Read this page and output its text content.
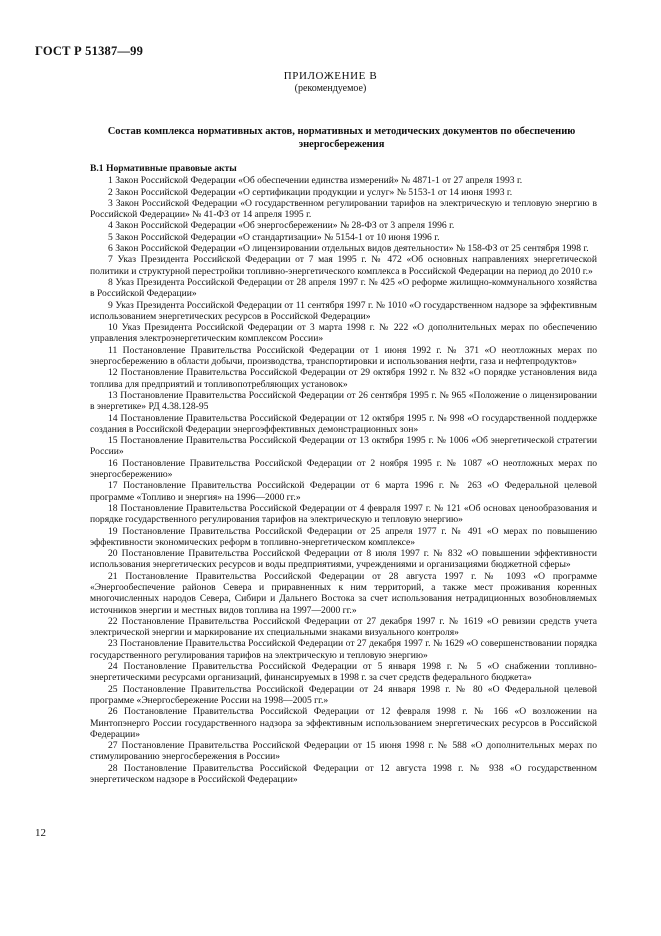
ГОСТ Р 51387—99
ПРИЛОЖЕНИЕ В
(рекомендуемое)
Состав комплекса нормативных актов, нормативных и методических документов по обеспечению энергосбережения

В.1 Нормативные правовые акты

1 Закон Российской Федерации «Об обеспечении единства измерений» № 4871-1 от 27 апреля 1993 г.

2 Закон Российской Федерации «О сертификации продукции и услуг» № 5153-1 от 14 июня 1993 г.

3 Закон Российской Федерации «О государственном регулировании тарифов на электрическую и тепловую энергию в Российской Федерации» № 41-ФЗ от 14 апреля 1995 г.

4 Закон Российской Федерации «Об энергосбережении» № 28-ФЗ от 3 апреля 1996 г.

5 Закон Российской Федерации «О стандартизации» № 5154-1 от 10 июня 1996 г.

6 Закон Российской Федерации «О лицензировании отдельных видов деятельности» № 158-ФЗ от 25 сентября 1998 г.

7 Указ Президента Российской Федерации от 7 мая 1995 г. № 472 «Об основных направлениях энергетической политики и структурной перестройки топливно-энергетического комплекса в Российской Федерации на период до 2010 г.»

8 Указ Президента Российской Федерации от 28 апреля 1997 г. № 425 «О реформе жилищно-коммунального хозяйства в Российской Федерации»

9 Указ Президента Российской Федерации от 11 сентября 1997 г. № 1010 «О государственном надзоре за эффективным использованием энергетических ресурсов в Российской Федерации»

10 Указ Президента Российской Федерации от 3 марта 1998 г. № 222 «О дополнительных мерах по обеспечению управления электроэнергетическим комплексом России»

11 Постановление Правительства Российской Федерации от 1 июня 1992 г. № 371 «О неотложных мерах по энергосбережению в области добычи, производства, транспортировки и использования нефти, газа и нефтепродуктов»

12 Постановление Правительства Российской Федерации от 29 октября 1992 г. № 832 «О порядке установления вида топлива для предприятий и топливопотребляющих установок»

13 Постановление Правительства Российской Федерации от 26 сентября 1995 г. № 965 «Положение о лицензировании в энергетике» РД 4.38.128-95

14 Постановление Правительства Российской Федерации от 12 октября 1995 г. № 998 «О государственной поддержке создания в Российской Федерации энергоэффективных демонстрационных зон»

15 Постановление Правительства Российской Федерации от 13 октября 1995 г. № 1006 «Об энергетической стратегии России»

16 Постановление Правительства Российской Федерации от 2 ноября 1995 г. № 1087 «О неотложных мерах по энергосбережению»

17 Постановление Правительства Российской Федерации от 6 марта 1996 г. № 263 «О Федеральной целевой программе «Топливо и энергия» на 1996—2000 гг.»

18 Постановление Правительства Российской Федерации от 4 февраля 1997 г. № 121 «Об основах ценообразования и порядке государственного регулирования тарифов на электрическую и тепловую энергию»

19 Постановление Правительства Российской Федерации от 25 апреля 1977 г. № 491 «О мерах по повышению эффективности экономических реформ в топливно-энергетическом комплексе»

20 Постановление Правительства Российской Федерации от 8 июля 1997 г. № 832 «О повышении эффективности использования энергетических ресурсов и воды предприятиями, учреждениями и организациями бюджетной сферы»

21 Постановление Правительства Российской Федерации от 28 августа 1997 г. № 1093 «О программе «Энергообеспечение районов Севера и приравненных к ним территорий, а также мест проживания коренных многочисленных народов Севера, Сибири и Дальнего Востока за счет использования нетрадиционных возобновляемых источников энергии и местных видов топлива на 1997—2000 гг.»

22 Постановление Правительства Российской Федерации от 27 декабря 1997 г. № 1619 «О ревизии средств учета электрической энергии и маркирование их специальными знаками визуального контроля»

23 Постановление Правительства Российской Федерации от 27 декабря 1997 г. № 1629 «О совершенствовании порядка государственного регулирования тарифов на электрическую и тепловую энергию»

24 Постановление Правительства Российской Федерации от 5 января 1998 г. № 5 «О снабжении топливно-энергетическими ресурсами организаций, финансируемых в 1998 г. за счет средств федерального бюджета»

25 Постановление Правительства Российской Федерации от 24 января 1998 г. № 80 «О Федеральной целевой программе «Энергосбережение России на 1998—2005 гг.»

26 Постановление Правительства Российской Федерации от 12 февраля 1998 г. № 166 «О возложении на Минтопэнерго России государственного надзора за эффективным использованием энергетических ресурсов в Российской Федерации»

27 Постановление Правительства Российской Федерации от 15 июня 1998 г. № 588 «О дополнительных мерах по стимулированию энергосбережения в России»

28 Постановление Правительства Российской Федерации от 12 августа 1998 г. № 938 «О государственном энергетическом надзоре в Российской Федерации»

12
